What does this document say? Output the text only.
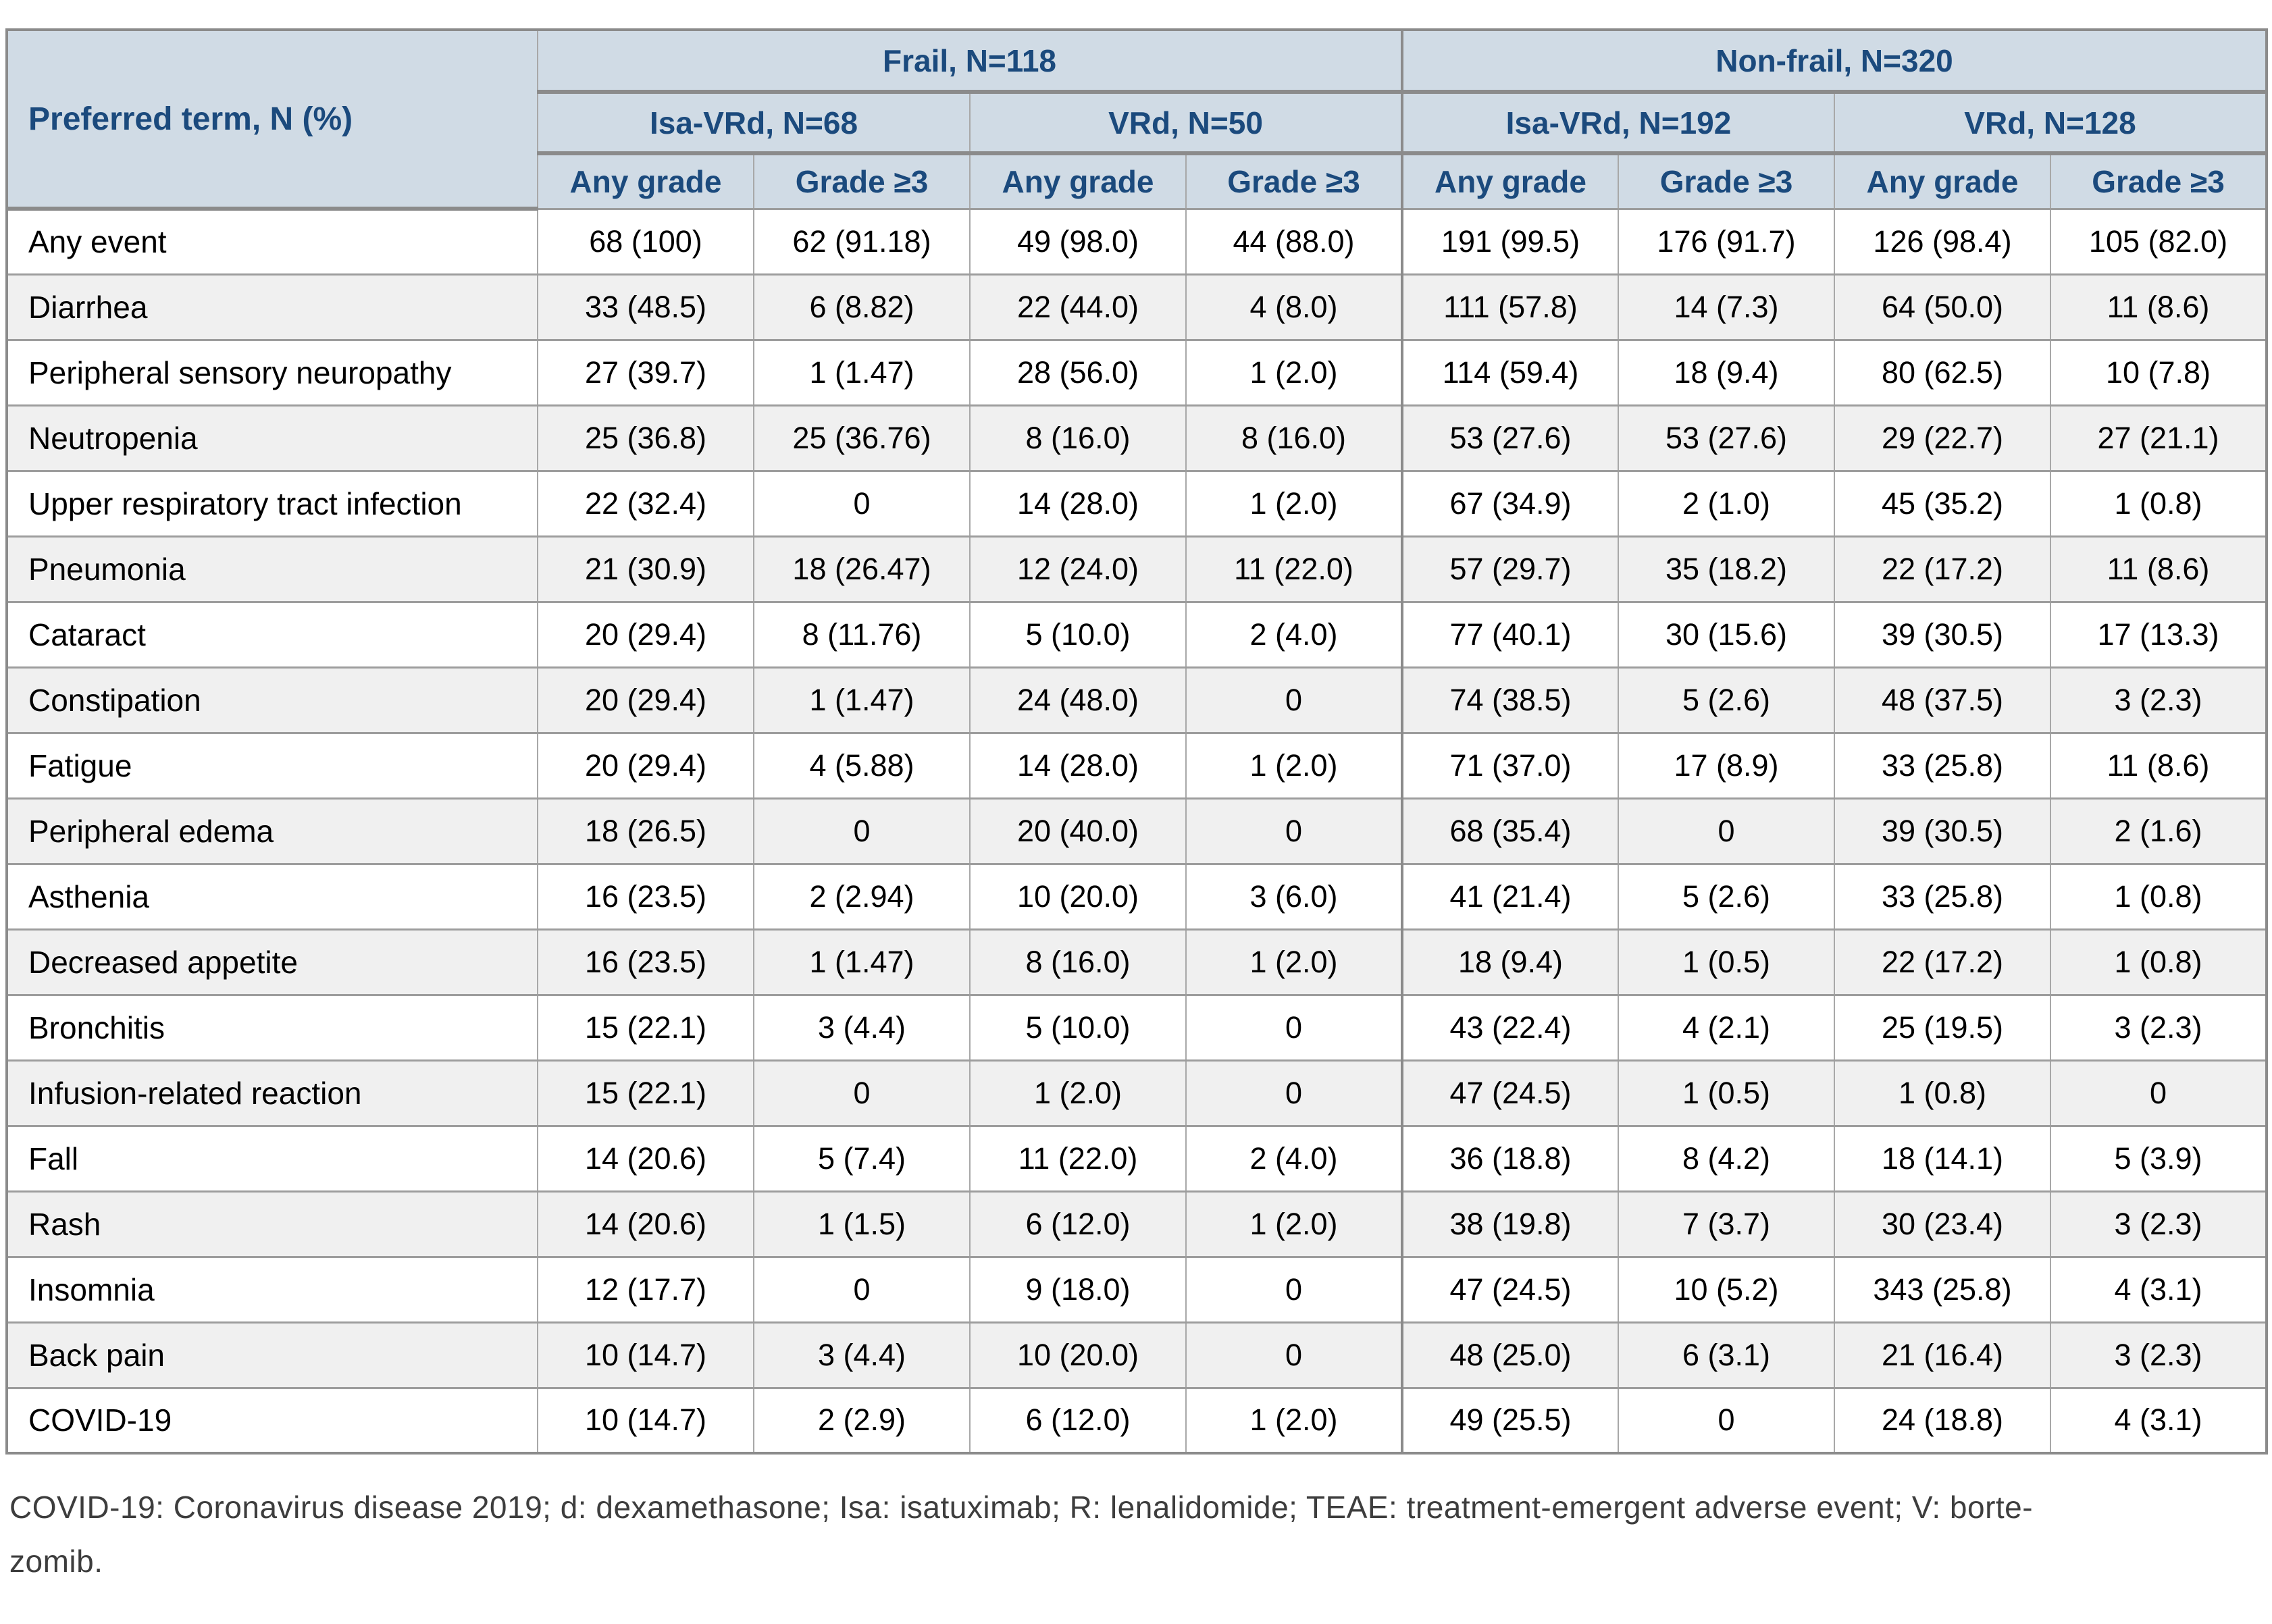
Preferred term, N (%)	Frail, N=118				Non-frail, N=320			
	Isa-VRd, N=68		VRd, N=50		Isa-VRd, N=192		VRd, N=128	
	Any grade	Grade ≥3	Any grade	Grade ≥3	Any grade	Grade ≥3	Any grade	Grade ≥3
Any event	68 (100)	62 (91.18)	49 (98.0)	44 (88.0)	191 (99.5)	176 (91.7)	126 (98.4)	105 (82.0)
Diarrhea	33 (48.5)	6 (8.82)	22 (44.0)	4 (8.0)	111 (57.8)	14 (7.3)	64 (50.0)	11 (8.6)
Peripheral sensory neuropathy	27 (39.7)	1 (1.47)	28 (56.0)	1 (2.0)	114 (59.4)	18 (9.4)	80 (62.5)	10 (7.8)
Neutropenia	25 (36.8)	25 (36.76)	8 (16.0)	8 (16.0)	53 (27.6)	53 (27.6)	29 (22.7)	27 (21.1)
Upper respiratory tract infection	22 (32.4)	0	14 (28.0)	1 (2.0)	67 (34.9)	2 (1.0)	45 (35.2)	1 (0.8)
Pneumonia	21 (30.9)	18 (26.47)	12 (24.0)	11 (22.0)	57 (29.7)	35 (18.2)	22 (17.2)	11 (8.6)
Cataract	20 (29.4)	8 (11.76)	5 (10.0)	2 (4.0)	77 (40.1)	30 (15.6)	39 (30.5)	17 (13.3)
Constipation	20 (29.4)	1 (1.47)	24 (48.0)	0	74 (38.5)	5 (2.6)	48 (37.5)	3 (2.3)
Fatigue	20 (29.4)	4 (5.88)	14 (28.0)	1 (2.0)	71 (37.0)	17 (8.9)	33 (25.8)	11 (8.6)
Peripheral edema	18 (26.5)	0	20 (40.0)	0	68 (35.4)	0	39 (30.5)	2 (1.6)
Asthenia	16 (23.5)	2 (2.94)	10 (20.0)	3 (6.0)	41 (21.4)	5 (2.6)	33 (25.8)	1 (0.8)
Decreased appetite	16 (23.5)	1 (1.47)	8 (16.0)	1 (2.0)	18 (9.4)	1 (0.5)	22 (17.2)	1 (0.8)
Bronchitis	15 (22.1)	3 (4.4)	5 (10.0)	0	43 (22.4)	4 (2.1)	25 (19.5)	3 (2.3)
Infusion-related reaction	15 (22.1)	0	1 (2.0)	0	47 (24.5)	1 (0.5)	1 (0.8)	0
Fall	14 (20.6)	5 (7.4)	11 (22.0)	2 (4.0)	36 (18.8)	8 (4.2)	18 (14.1)	5 (3.9)
Rash	14 (20.6)	1 (1.5)	6 (12.0)	1 (2.0)	38 (19.8)	7 (3.7)	30 (23.4)	3 (2.3)
Insomnia	12 (17.7)	0	9 (18.0)	0	47 (24.5)	10 (5.2)	343 (25.8)	4 (3.1)
Back pain	10 (14.7)	3 (4.4)	10 (20.0)	0	48 (25.0)	6 (3.1)	21 (16.4)	3 (2.3)
COVID-19	10 (14.7)	2 (2.9)	6 (12.0)	1 (2.0)	49 (25.5)	0	24 (18.8)	4 (3.1)
COVID-19: Coronavirus disease 2019; d: dexamethasone; Isa: isatuximab; R: lenalidomide; TEAE: treatment-emergent adverse event; V: borte-
zomib.
